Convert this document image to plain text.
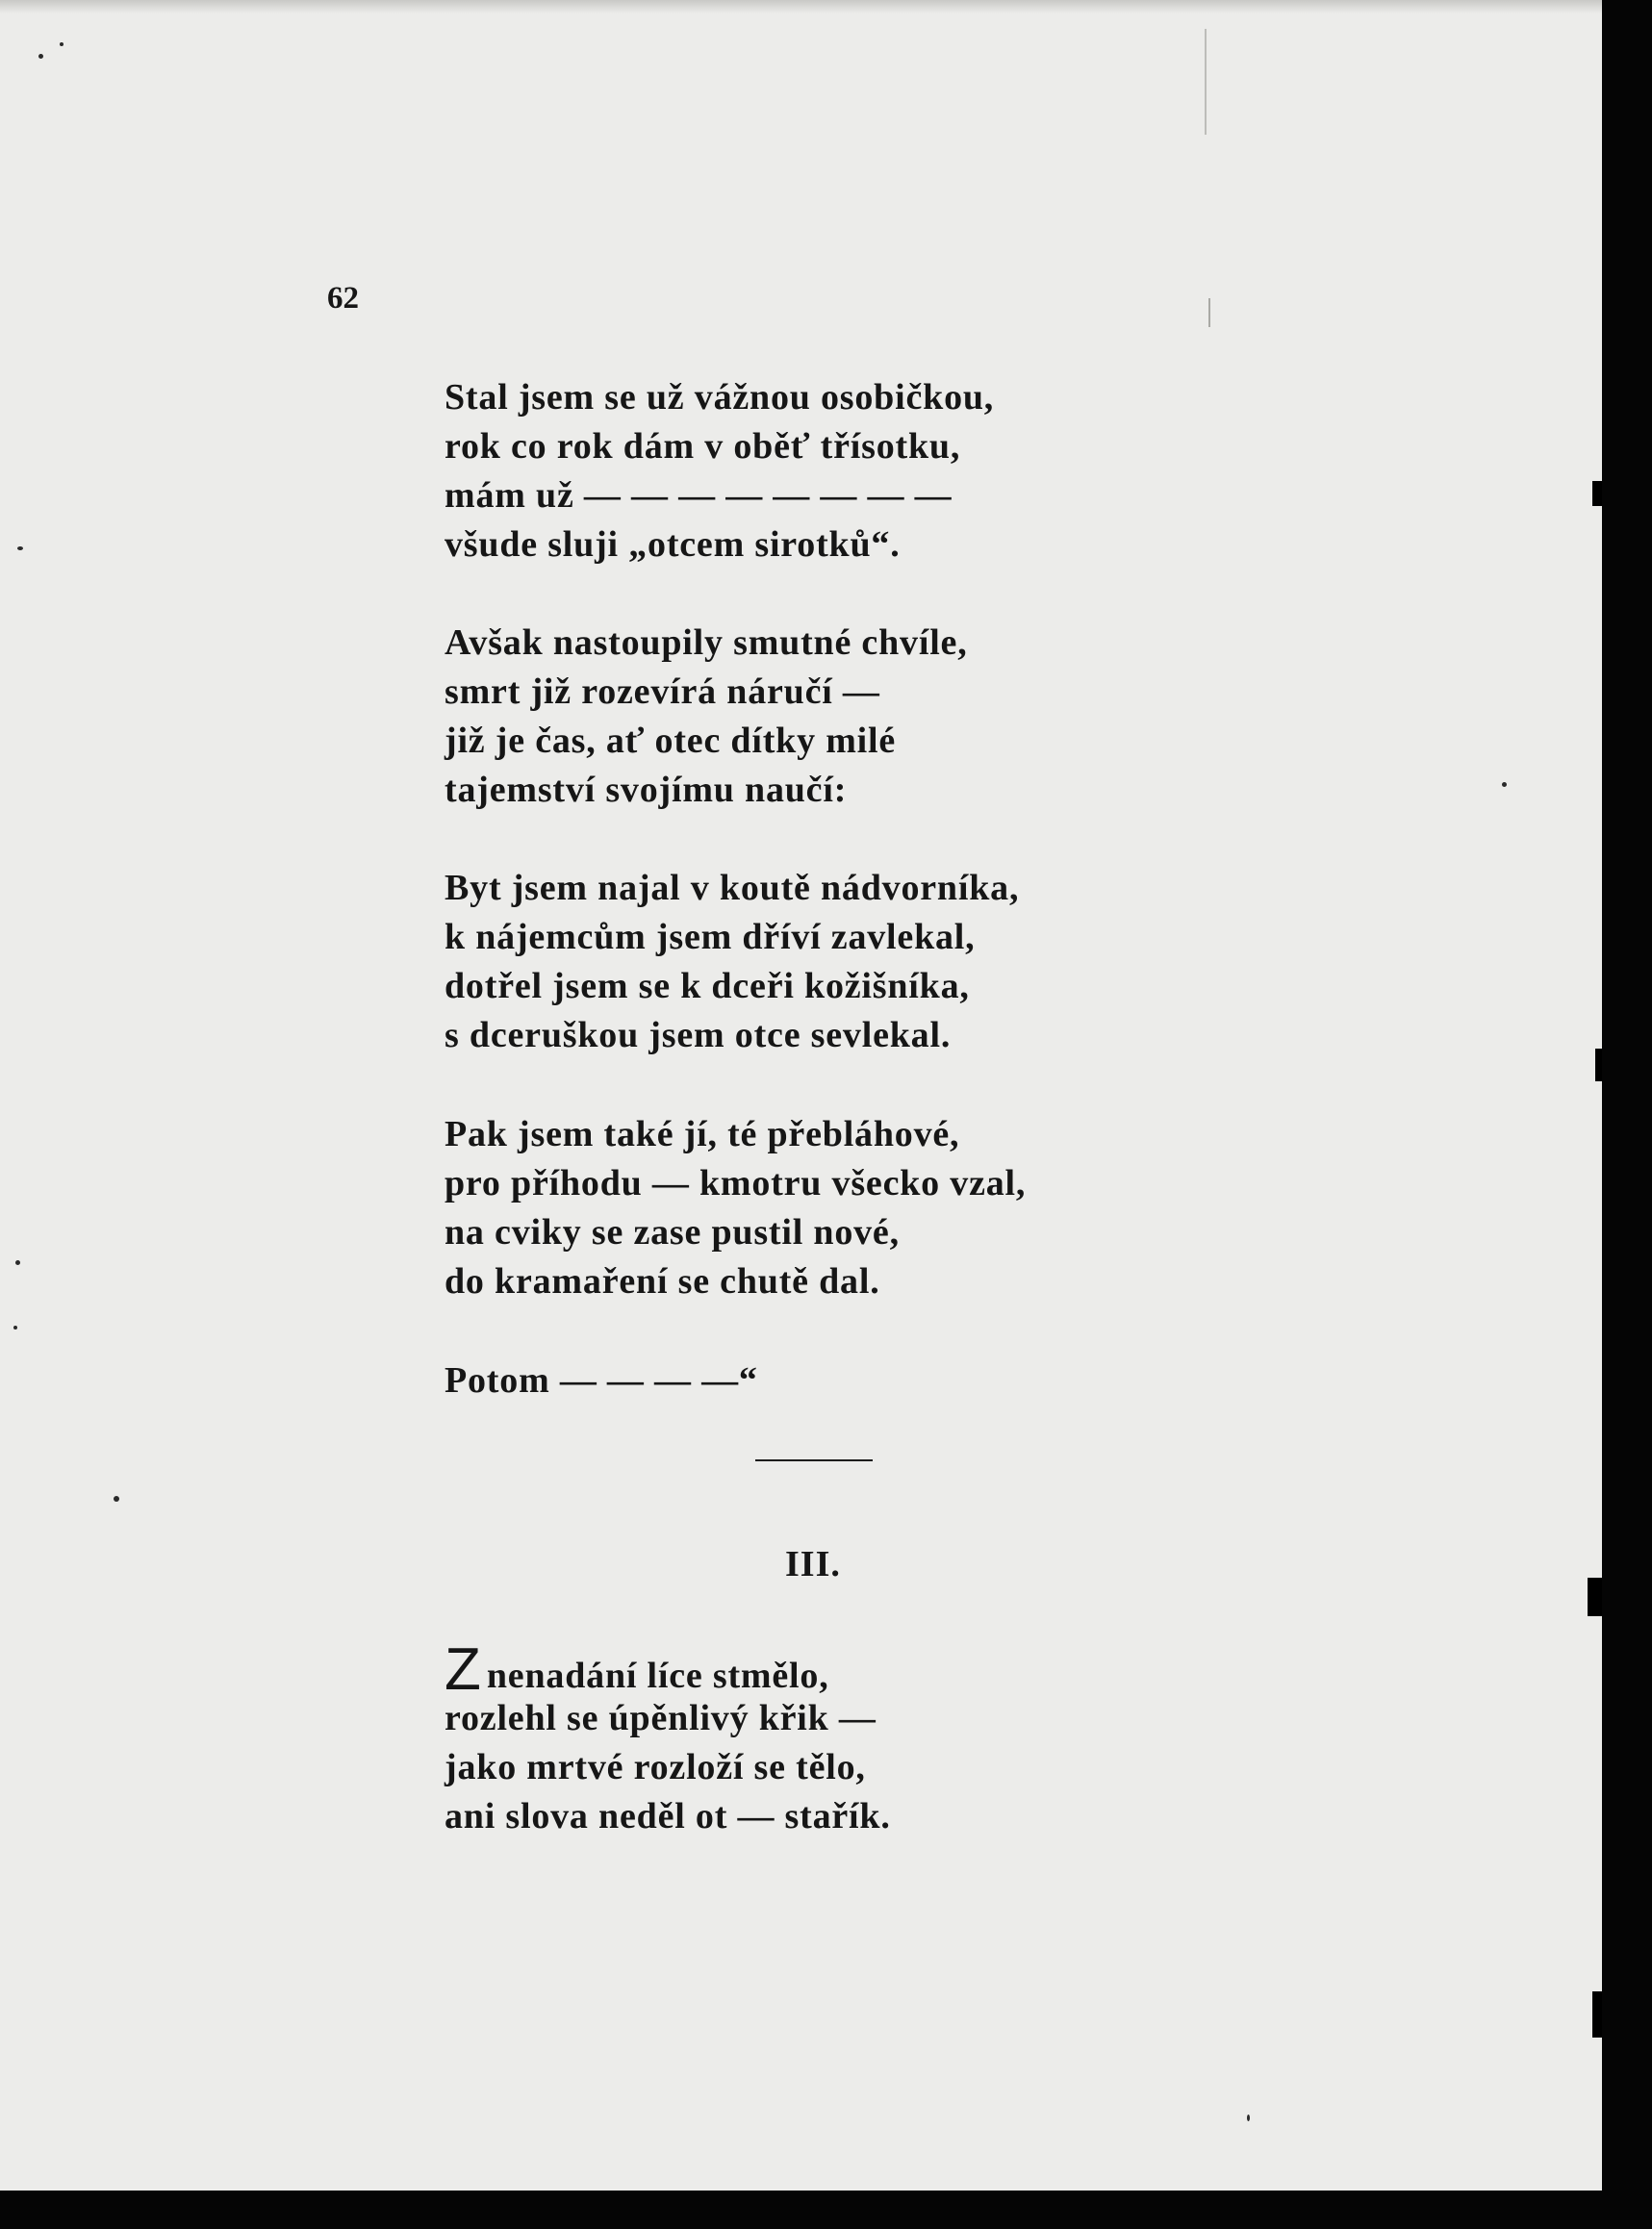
62
Stal jsem se už vážnou osobičkou,
rok co rok dám v oběť třísotku,
mám už — — — — — — — —
všude sluji „otcem sirotků“.
Avšak nastoupily smutné chvíle,
smrt již rozevírá náručí —
již je čas, ať otec dítky milé
tajemství svojímu naučí:
Byt jsem najal v koutě nádvorníka,
k nájemcům jsem dříví zavlekal,
dotřel jsem se k dceři kožišníka,
s dceruškou jsem otce sevlekal.
Pak jsem také jí, té přebláhové,
pro příhodu — kmotru všecko vzal,
na cviky se zase pustil nové,
do kramaření se chutě dal.
Potom — — — —“
III.
Znenadání líce stmělo,
rozlehl se úpěnlivý křik —
jako mrtvé rozloží se tělo,
ani slova neděl ot — stařík.
